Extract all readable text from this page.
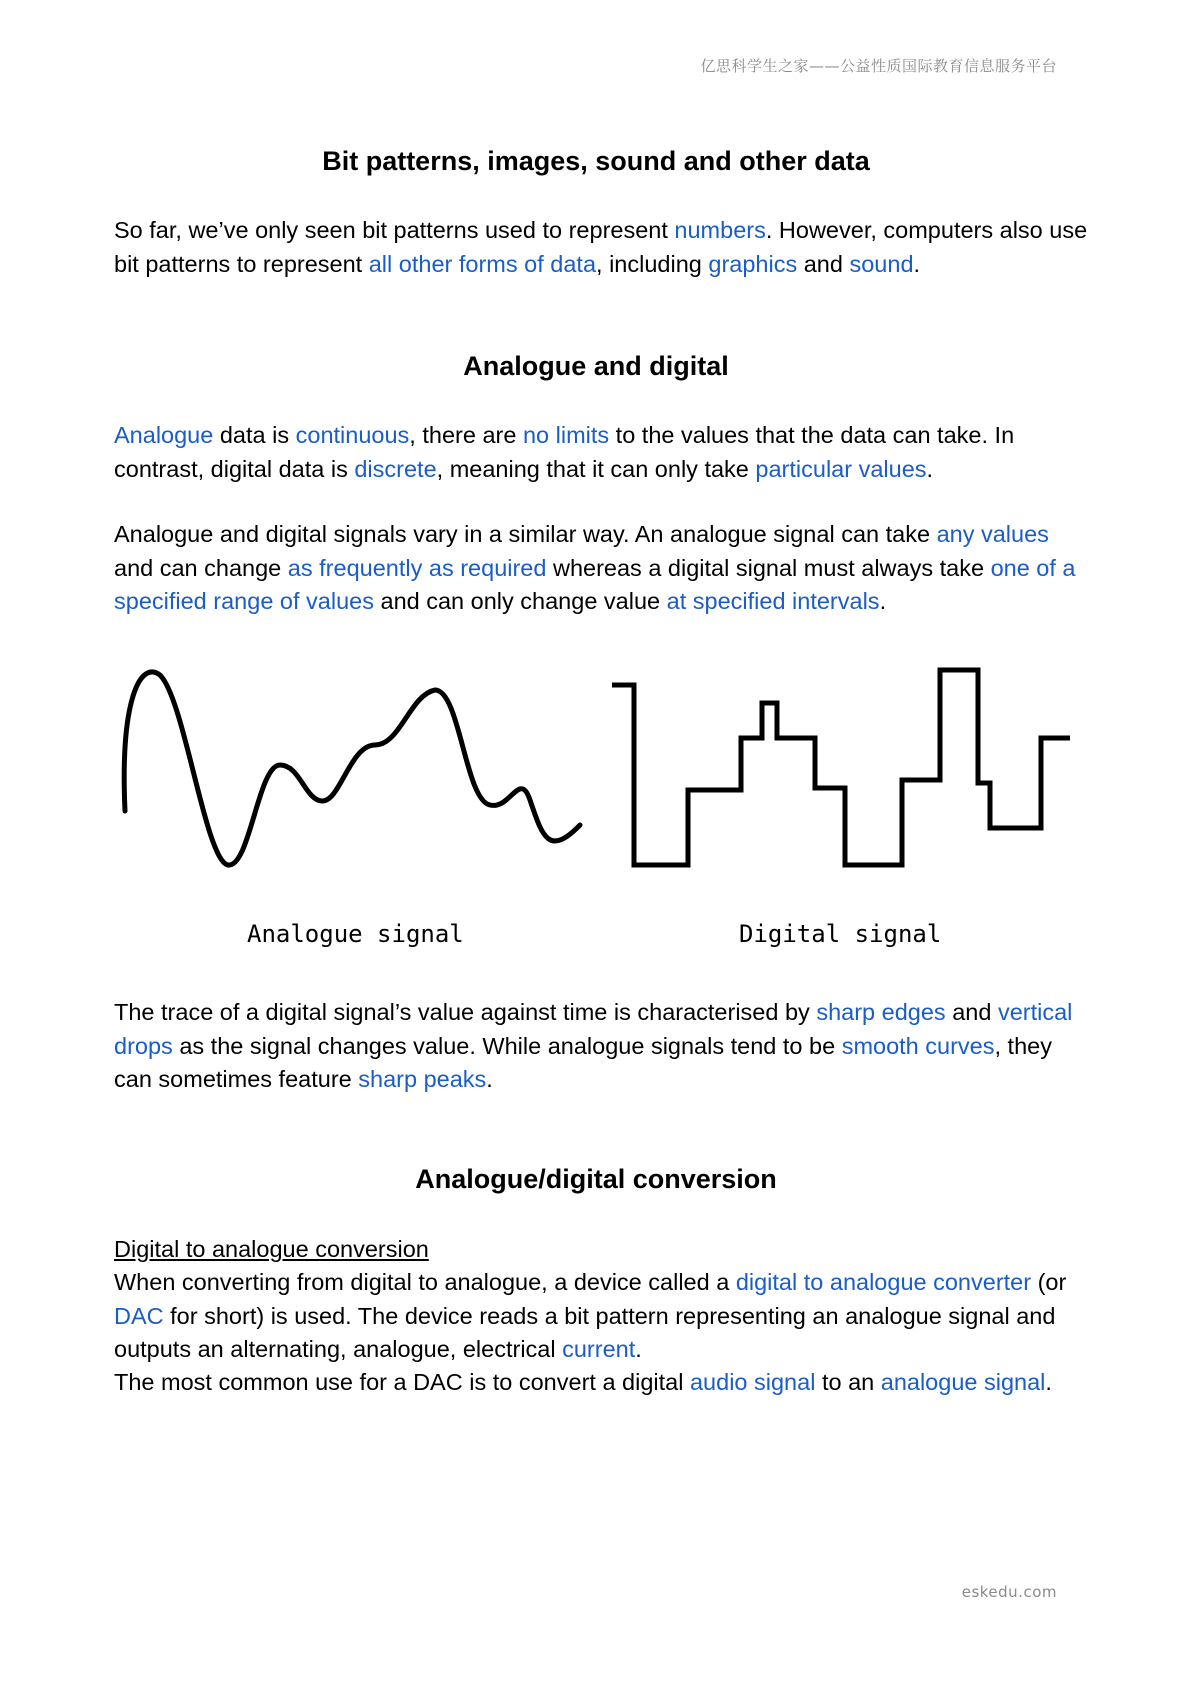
亿思科学生之家——公益性质国际教育信息服务平台
Bit patterns, images, sound and other data

So far, we’ve only seen bit patterns used to represent numbers. However, computers also use bit patterns to represent all other forms of data, including graphics and sound.

Analogue and digital

Analogue data is continuous, there are no limits to the values that the data can take. In contrast, digital data is discrete, meaning that it can only take particular values.

Analogue and digital signals vary in a similar way. An analogue signal can take any values and can change as frequently as required whereas a digital signal must always take one of a specified range of values and can only change value at specified intervals.

Analogue signal	Digital signal

The trace of a digital signal’s value against time is characterised by sharp edges and vertical drops as the signal changes value. While analogue signals tend to be smooth curves, they can sometimes feature sharp peaks.

Analogue/digital conversion

Digital to analogue conversion

When converting from digital to analogue, a device called a digital to analogue converter (or DAC for short) is used. The device reads a bit pattern representing an analogue signal and outputs an alternating, analogue, electrical current.

The most common use for a DAC is to convert a digital audio signal to an analogue signal.

eskedu.com
